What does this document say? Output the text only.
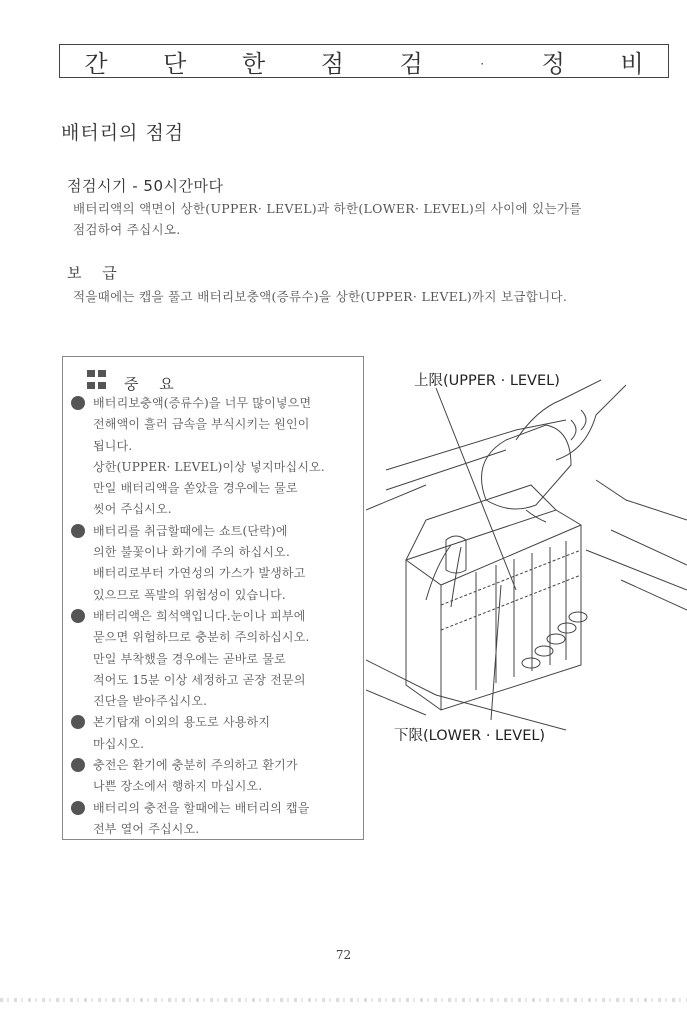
간 단 한 점 검 · 정 비
배터리의 점검
점검시기 - 50시간마다
배터리액의 액면이 상한(UPPER· LEVEL)과 하한(LOWER· LEVEL)의 사이에 있는가를
점검하여 주십시오.
보 급
적을때에는 캡을 풀고 배터리보충액(증류수)을 상한(UPPER· LEVEL)까지 보급합니다.
중 요
배터리보충액(증류수)을 너무 많이넣으면
전해액이 흘러 금속을 부식시키는 원인이
됩니다.
상한(UPPER· LEVEL)이상 넣지마십시오.
만일 배터리액을 쏟았을 경우에는 물로
씻어 주십시오.
배터리를 취급할때에는 쇼트(단락)에
의한 불꽃이나 화기에 주의 하십시오.
배터리로부터 가연성의 가스가 발생하고
있으므로 폭발의 위험성이 있습니다.
배터리액은 희석액입니다.눈이나 피부에
묻으면 위험하므로 충분히 주의하십시오.
만일 부착했을 경우에는 곧바로 물로
적어도 15분 이상 세정하고 곧장 전문의
진단을 받아주십시오.
본기탑재 이외의 용도로 사용하지
마십시오.
충전은 환기에 충분히 주의하고 환기가
나쁜 장소에서 행하지 마십시오.
배터리의 충전을 할때에는 배터리의 캡을
전부 열어 주십시오.
上限(UPPER · LEVEL)
下限(LOWER · LEVEL)
72
